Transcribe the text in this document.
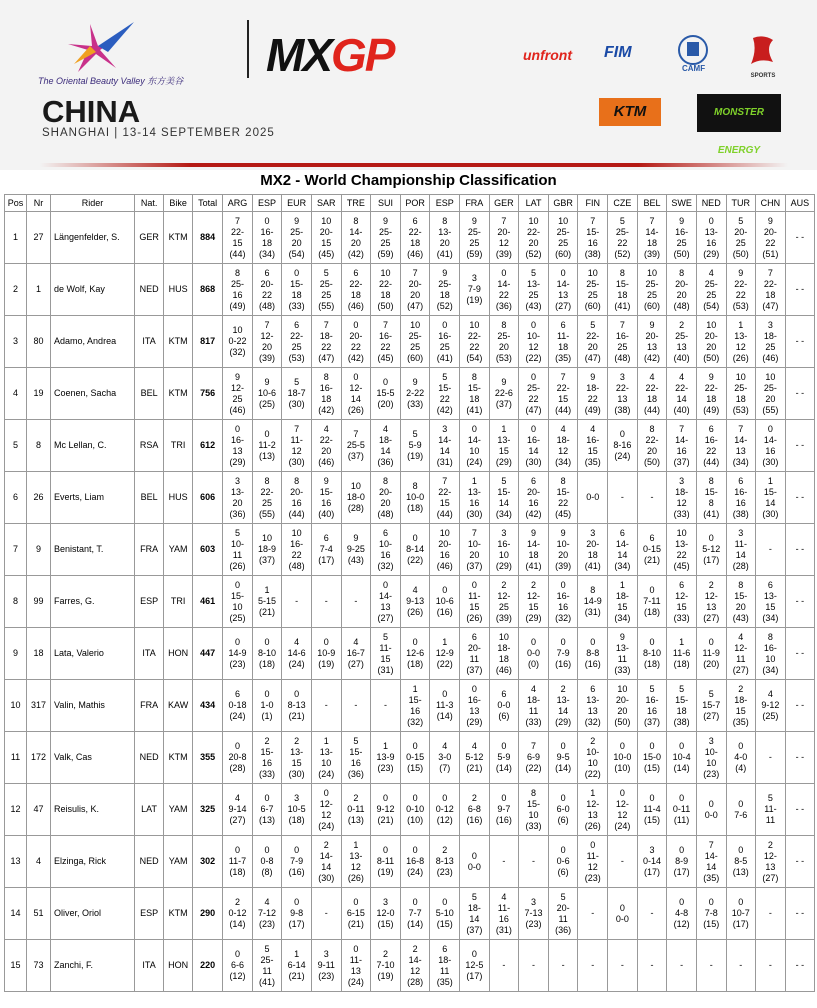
The Oriental Beauty Valley 东方美谷 MXGP
CHINA
SHANGHAI | 13-14 SEPTEMBER 2025
unfront FIM
CAMF
SPORTS
KTM	MONSTER ENERGY
MX2 - World Championship Classification
Pos	Nr	Rider	Nat.	Bike	Total	ARG	ESP	EUR	SAR	TRE	SUI	POR	ESP	FRA	GER	LAT	GBR	FIN	CZE	BEL	SWE	NED	TUR	CHN	AUS
1	27	Längenfelder, S.	GER	KTM	884	7
22-
15
(44)	0
16-
18
(34)	9
25-
20
(54)	10
20-
15
(45)	8
14-
20
(42)	9
25-
25
(59)	6
22-
18
(46)	8
13-
20
(41)	9
25-
25
(59)	7
20-
12
(39)	10
22-
20
(52)	10
25-
25
(60)	7
15-
16
(38)	5
25-
22
(52)	7
14-
18
(39)	9
16-
25
(50)	0
13-
16
(29)	5
20-
25
(50)	9
20-
22
(51)	- -

2	1	de Wolf, Kay	NED	HUS	868	8
25-
16
(49)	6
20-
22
(48)	0
15-
18
(33)	5
25-
25
(55)	6
22-
18
(46)	10
22-
18
(50)	7
20-
20
(47)	9
25-
18
(52)	3
7-9
(19)	0
14-
22
(36)	5
13-
25
(43)	0
14-
13
(27)	10
25-
25
(60)	8
15-
18
(41)	10
25-
25
(60)	8
20-
20
(48)	4
25-
25
(54)	9
22-
22
(53)	7
22-
18
(47)	- -

3	80	Adamo, Andrea	ITA	KTM	817	10
0-22
(32)	7
12-
20
(39)	6
22-
25
(53)	7
18-
22
(47)	0
20-
22
(42)	7
16-
22
(45)	10
25-
25
(60)	0
16-
25
(41)	10
22-
22
(54)	8
25-
20
(53)	0
10-
12
(22)	6
11-
18
(35)	5
22-
20
(47)	7
16-
25
(48)	9
20-
13
(42)	2
25-
13
(40)	10
20-
20
(50)	1
13-
12
(26)	3
18-
25
(46)	- -

4	19	Coenen, Sacha	BEL	KTM	756	9
12-
25
(46)	9
10-6
(25)	5
18-7
(30)	8
16-
18
(42)	0
12-
14
(26)	0
15-5
(20)	9
2-22
(33)	5
15-
22
(42)	8
15-
18
(41)	9
22-6
(37)	0
25-
22
(47)	7
22-
15
(44)	9
18-
22
(49)	3
22-
13
(38)	4
22-
18
(44)	4
22-
14
(40)	9
22-
18
(49)	10
25-
18
(53)	10
25-
20
(55)	- -

5	8	Mc Lellan, C.	RSA	TRI	612	0
16-
13
(29)	0
11-2
(13)	7
11-
12
(30)	4
22-
20
(46)	7
25-5
(37)	4
18-
14
(36)	5
5-9
(19)	3
14-
14
(31)	0
14-
10
(24)	1
13-
15
(29)	0
16-
14
(30)	4
18-
12
(34)	4
16-
15
(35)	0
8-16
(24)	8
22-
20
(50)	7
14-
16
(37)	6
16-
22
(44)	7
14-
13
(34)	0
14-
16
(30)	- -

6	26	Everts, Liam	BEL	HUS	606	3
13-
20
(36)	8
22-
25
(55)	8
20-
16
(44)	9
15-
16
(40)	10
18-0
(28)	8
20-
20
(48)	8
10-0
(18)	7
22-
15
(44)	1
13-
16
(30)	5
15-
14
(34)	6
20-
16
(42)	8
15-
22
(45)	0-0	-	-	3
18-
12
(33)	8
15-
8
(41)	6
16-
16
(38)	1
15-
14
(30)	- -

7	9	Benistant, T.	FRA	YAM	603	5
10-
11
(26)	10
18-9
(37)	10
16-
22
(48)	6
7-4
(17)	9
9-25
(43)	6
10-
16
(32)	0
8-14
(22)	10
20-
16
(46)	7
10-
20
(37)	3
16-
10
(29)	9
14-
18
(41)	9
10-
20
(39)	3
20-
18
(41)	6
14-
14
(34)	6
0-15
(21)	10
13-
22
(45)	0
5-12
(17)	3
11-
14
(28)	-	- -

8	99	Farres, G.	ESP	TRI	461	0
15-
10
(25)	1
5-15
(21)	-	-	-	0
14-
13
(27)	4
9-13
(26)	0
10-6
(16)	0
11-
15
(26)	2
12-
25
(39)	2
12-
15
(29)	0
16-
16
(32)	8
14-9
(31)	1
18-
15
(34)	0
7-11
(18)	6
12-
15
(33)	2
12-
13
(27)	8
15-
20
(43)	6
13-
15
(34)	- -

9	18	Lata, Valerio	ITA	HON	447	0
14-9
(23)	0
8-10
(18)	4
14-6
(24)	0
10-9
(19)	4
16-7
(27)	5
11-
15
(31)	0
12-6
(18)	1
12-9
(22)	6
20-
11
(37)	10
18-
18
(46)	0
0-0
(0)	0
7-9
(16)	0
8-8
(16)	9
13-
11
(33)	0
8-10
(18)	1
11-6
(18)	0
11-9
(20)	4
12-
11
(27)	8
16-
10
(34)	- -

10	317	Valin, Mathis	FRA	KAW	434	6
0-18
(24)	0
1-0
(1)	0
8-13
(21)	-	-	-	1
15-
16
(32)	0
11-3
(14)	0
16-
13
(29)	6
0-0
(6)	4
18-
11
(33)	2
13-
14
(29)	6
13-
13
(32)	10
20-
20
(50)	5
16-
16
(37)	5
15-
18
(38)	5
15-7
(27)	2
18-
15
(35)	4
9-12
(25)	- -

11	172	Valk, Cas	NED	KTM	355	0
20-8
(28)	2
15-
16
(33)	2
13-
15
(30)	1
13-
10
(24)	5
15-
16
(36)	1
13-9
(23)	0
0-15
(15)	4
3-0
(7)	4
5-12
(21)	0
5-9
(14)	7
6-9
(22)	0
9-5
(14)	2
10-
10
(22)	0
10-0
(10)	0
15-0
(15)	0
10-4
(14)	3
10-
10
(23)	0
4-0
(4)	-	- -

12	47	Reisulis, K.	LAT	YAM	325	4
9-14
(27)	0
6-7
(13)	3
10-5
(18)	0
12-
12
(24)	2
0-11
(13)	0
9-12
(21)	0
0-10
(10)	0
0-12
(12)	2
6-8
(16)	0
9-7
(16)	8
15-
10
(33)	0
6-0
(6)	1
12-
13
(26)	0
12-
12
(24)	0
11-4
(15)	0
0-11
(11)	0
0-0	0
7-6	5
11-
11	- -

13	4	Elzinga, Rick	NED	YAM	302	0
11-7
(18)	0
0-8
(8)	0
7-9
(16)	2
14-
14
(30)	1
13-
12
(26)	0
8-11
(19)	0
16-8
(24)	2
8-13
(23)	0
0-0	-	-	0
0-6
(6)	0
11-
12
(23)	-	3
0-14
(17)	0
8-9
(17)	7
14-
14
(35)	0
8-5
(13)	2
12-
13
(27)	- -

14	51	Oliver, Oriol	ESP	KTM	290	2
0-12
(14)	4
7-12
(23)	0
9-8
(17)	-	0
6-15
(21)	3
12-0
(15)	0
7-7
(14)	0
5-10
(15)	5
18-
14
(37)	4
11-
16
(31)	3
7-13
(23)	5
20-
11
(36)	-	0
0-0	-	0
4-8
(12)	0
7-8
(15)	0
10-7
(17)	-	- -

15	73	Zanchi, F.	ITA	HON	220	0
6-6
(12)	5
25-
11
(41)	1
6-14
(21)	3
9-11
(23)	0
11-
13
(24)	2
7-10
(19)	2
14-
12
(28)	6
18-
11
(35)	0
12-5
(17)	-	-	-	-	-	-	-	-	-	-	- -
